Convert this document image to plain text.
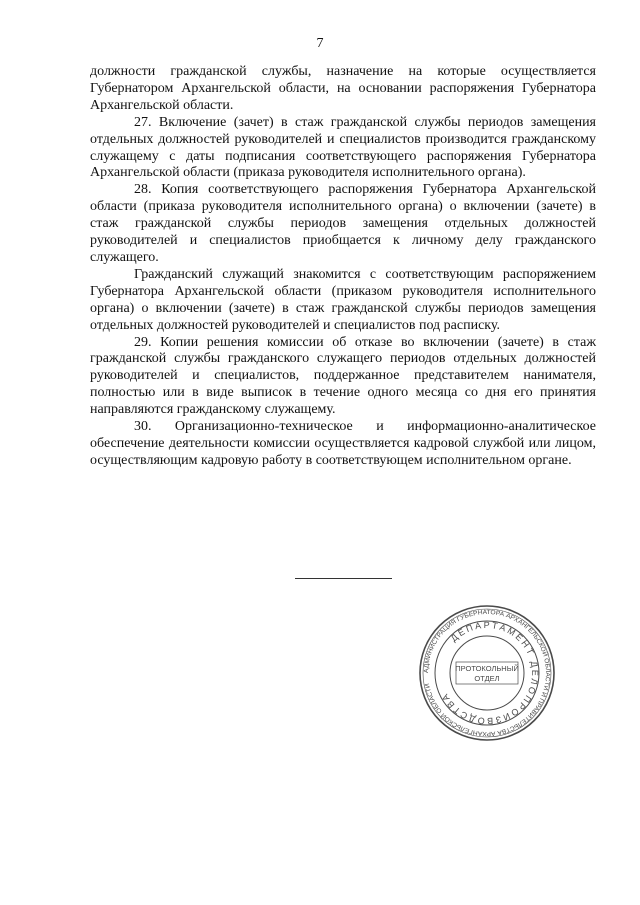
7

должности гражданской службы, назначение на которые осуществляется Губернатором Архангельской области, на основании распоряжения Губернатора Архангельской области.

27. Включение (зачет) в стаж гражданской службы периодов замещения отдельных должностей руководителей и специалистов производится гражданскому служащему с даты подписания соответствующего распоряжения Губернатора Архангельской области (приказа руководителя исполнительного органа).

28. Копия соответствующего распоряжения Губернатора Архангельской области (приказа руководителя исполнительного органа) о включении (зачете) в стаж гражданской службы периодов замещения отдельных должностей руководителей и специалистов приобщается к личному делу гражданского служащего.

Гражданский служащий знакомится с соответствующим распоряжением Губернатора Архангельской области (приказом руководителя исполнительного органа) о включении (зачете) в стаж гражданской службы периодов замещения отдельных должностей руководителей и специалистов под расписку.

29. Копии решения комиссии об отказе во включении (зачете) в стаж гражданской службы гражданского служащего периодов отдельных должностей руководителей и специалистов, поддержанное представителем нанимателя, полностью или в виде выписок в течение одного месяца со дня его принятия направляются гражданскому служащему.

30. Организационно-техническое и информационно-аналитическое обеспечение деятельности комиссии осуществляется кадровой службой или лицом, осуществляющим кадровую работу в соответствующем исполнительном органе.

АДМИНИСТРАЦИЯ ГУБЕРНАТОРА АРХАНГЕЛЬСКОЙ ОБЛАСТИ И ПРАВИТЕЛЬСТВА АРХАНГЕЛЬСКОЙ ОБЛАСТИ
ДЕПАРТАМЕНТ ДЕЛОПРОИЗВОДСТВА
ПРОТОКОЛЬНЫЙ
ОТДЕЛ
